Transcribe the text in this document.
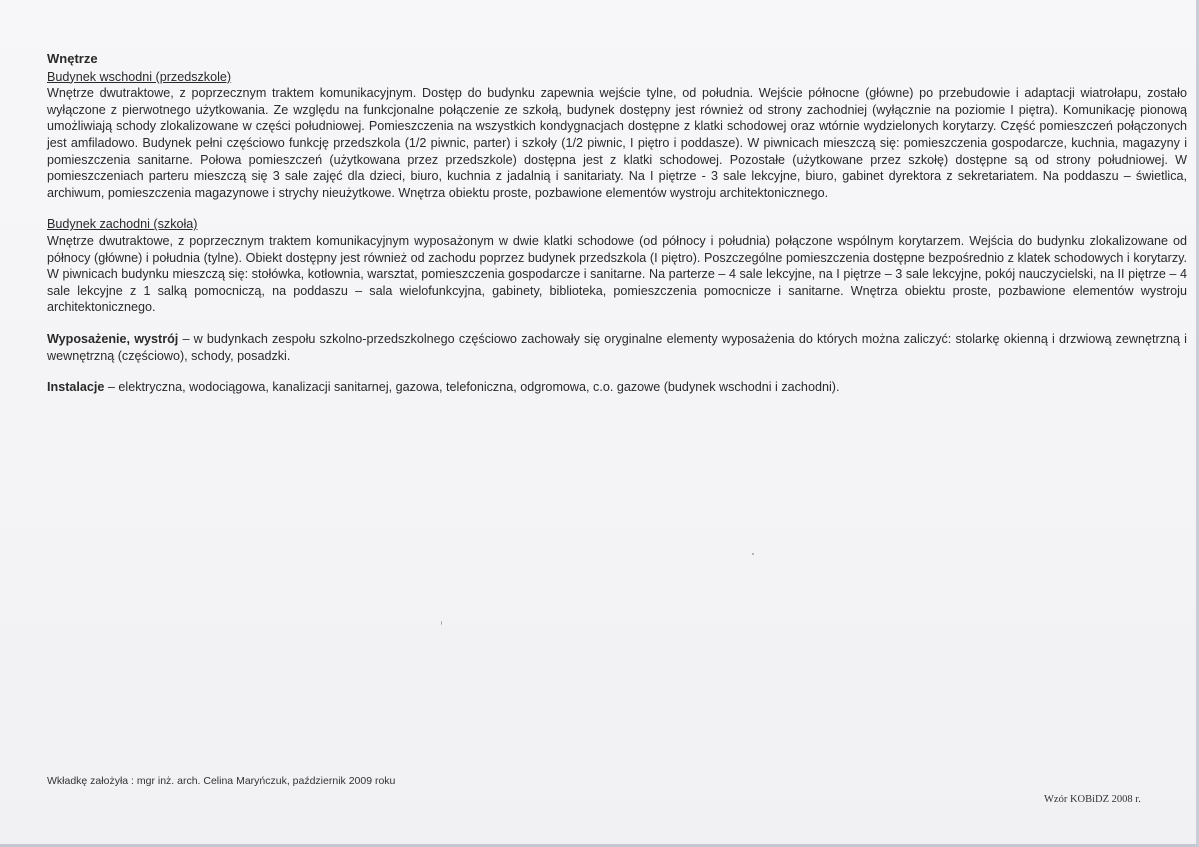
Wnętrze

Budynek wschodni (przedszkole)

Wnętrze dwutraktowe, z poprzecznym traktem komunikacyjnym. Dostęp do budynku zapewnia wejście tylne, od południa. Wejście północne (główne) po przebudowie i adaptacji wiatrołapu, zostało wyłączone z pierwotnego użytkowania. Ze względu na funkcjonalne połączenie ze szkołą, budynek dostępny jest również od strony zachodniej (wyłącznie na poziomie I piętra). Komunikację pionową umożliwiają schody zlokalizowane w części południowej. Pomieszczenia na wszystkich kondygnacjach dostępne z klatki schodowej oraz wtórnie wydzielonych korytarzy. Część pomieszczeń połączonych jest amfiladowo. Budynek pełni częściowo funkcję przedszkola (1/2 piwnic, parter) i szkoły (1/2 piwnic, I piętro i poddasze). W piwnicach mieszczą się: pomieszczenia gospodarcze, kuchnia, magazyny i pomieszczenia sanitarne. Połowa pomieszczeń (użytkowana przez przedszkole) dostępna jest z klatki schodowej. Pozostałe (użytkowane przez szkołę) dostępne są od strony południowej. W pomieszczeniach parteru mieszczą się 3 sale zajęć dla dzieci, biuro, kuchnia z jadalnią i sanitariaty. Na I piętrze - 3 sale lekcyjne, biuro, gabinet dyrektora z sekretariatem. Na poddaszu – świetlica, archiwum, pomieszczenia magazynowe i strychy nieużytkowe. Wnętrza obiektu proste, pozbawione elementów wystroju architektonicznego.

Budynek zachodni (szkoła)

Wnętrze dwutraktowe, z poprzecznym traktem komunikacyjnym wyposażonym w dwie klatki schodowe (od północy i południa) połączone wspólnym korytarzem. Wejścia do budynku zlokalizowane od północy (główne) i południa (tylne). Obiekt dostępny jest również od zachodu poprzez budynek przedszkola (I piętro). Poszczególne pomieszczenia dostępne bezpośrednio z klatek schodowych i korytarzy. W piwnicach budynku mieszczą się: stołówka, kotłownia, warsztat, pomieszczenia gospodarcze i sanitarne. Na parterze – 4 sale lekcyjne, na I piętrze – 3 sale lekcyjne, pokój nauczycielski, na II piętrze – 4 sale lekcyjne z 1 salką pomocniczą, na poddaszu – sala wielofunkcyjna, gabinety, biblioteka, pomieszczenia pomocnicze i sanitarne. Wnętrza obiektu proste, pozbawione elementów wystroju architektonicznego.

Wyposażenie, wystrój – w budynkach zespołu szkolno-przedszkolnego częściowo zachowały się oryginalne elementy wyposażenia do których można zaliczyć: stolarkę okienną i drzwiową zewnętrzną i wewnętrzną (częściowo), schody, posadzki.

Instalacje – elektryczna, wodociągowa, kanalizacji sanitarnej, gazowa, telefoniczna, odgromowa, c.o. gazowe (budynek wschodni i zachodni).

Wkładkę założyła : mgr inż. arch. Celina Maryńczuk, październik 2009 roku
Wzór KOBiDZ 2008 r.
